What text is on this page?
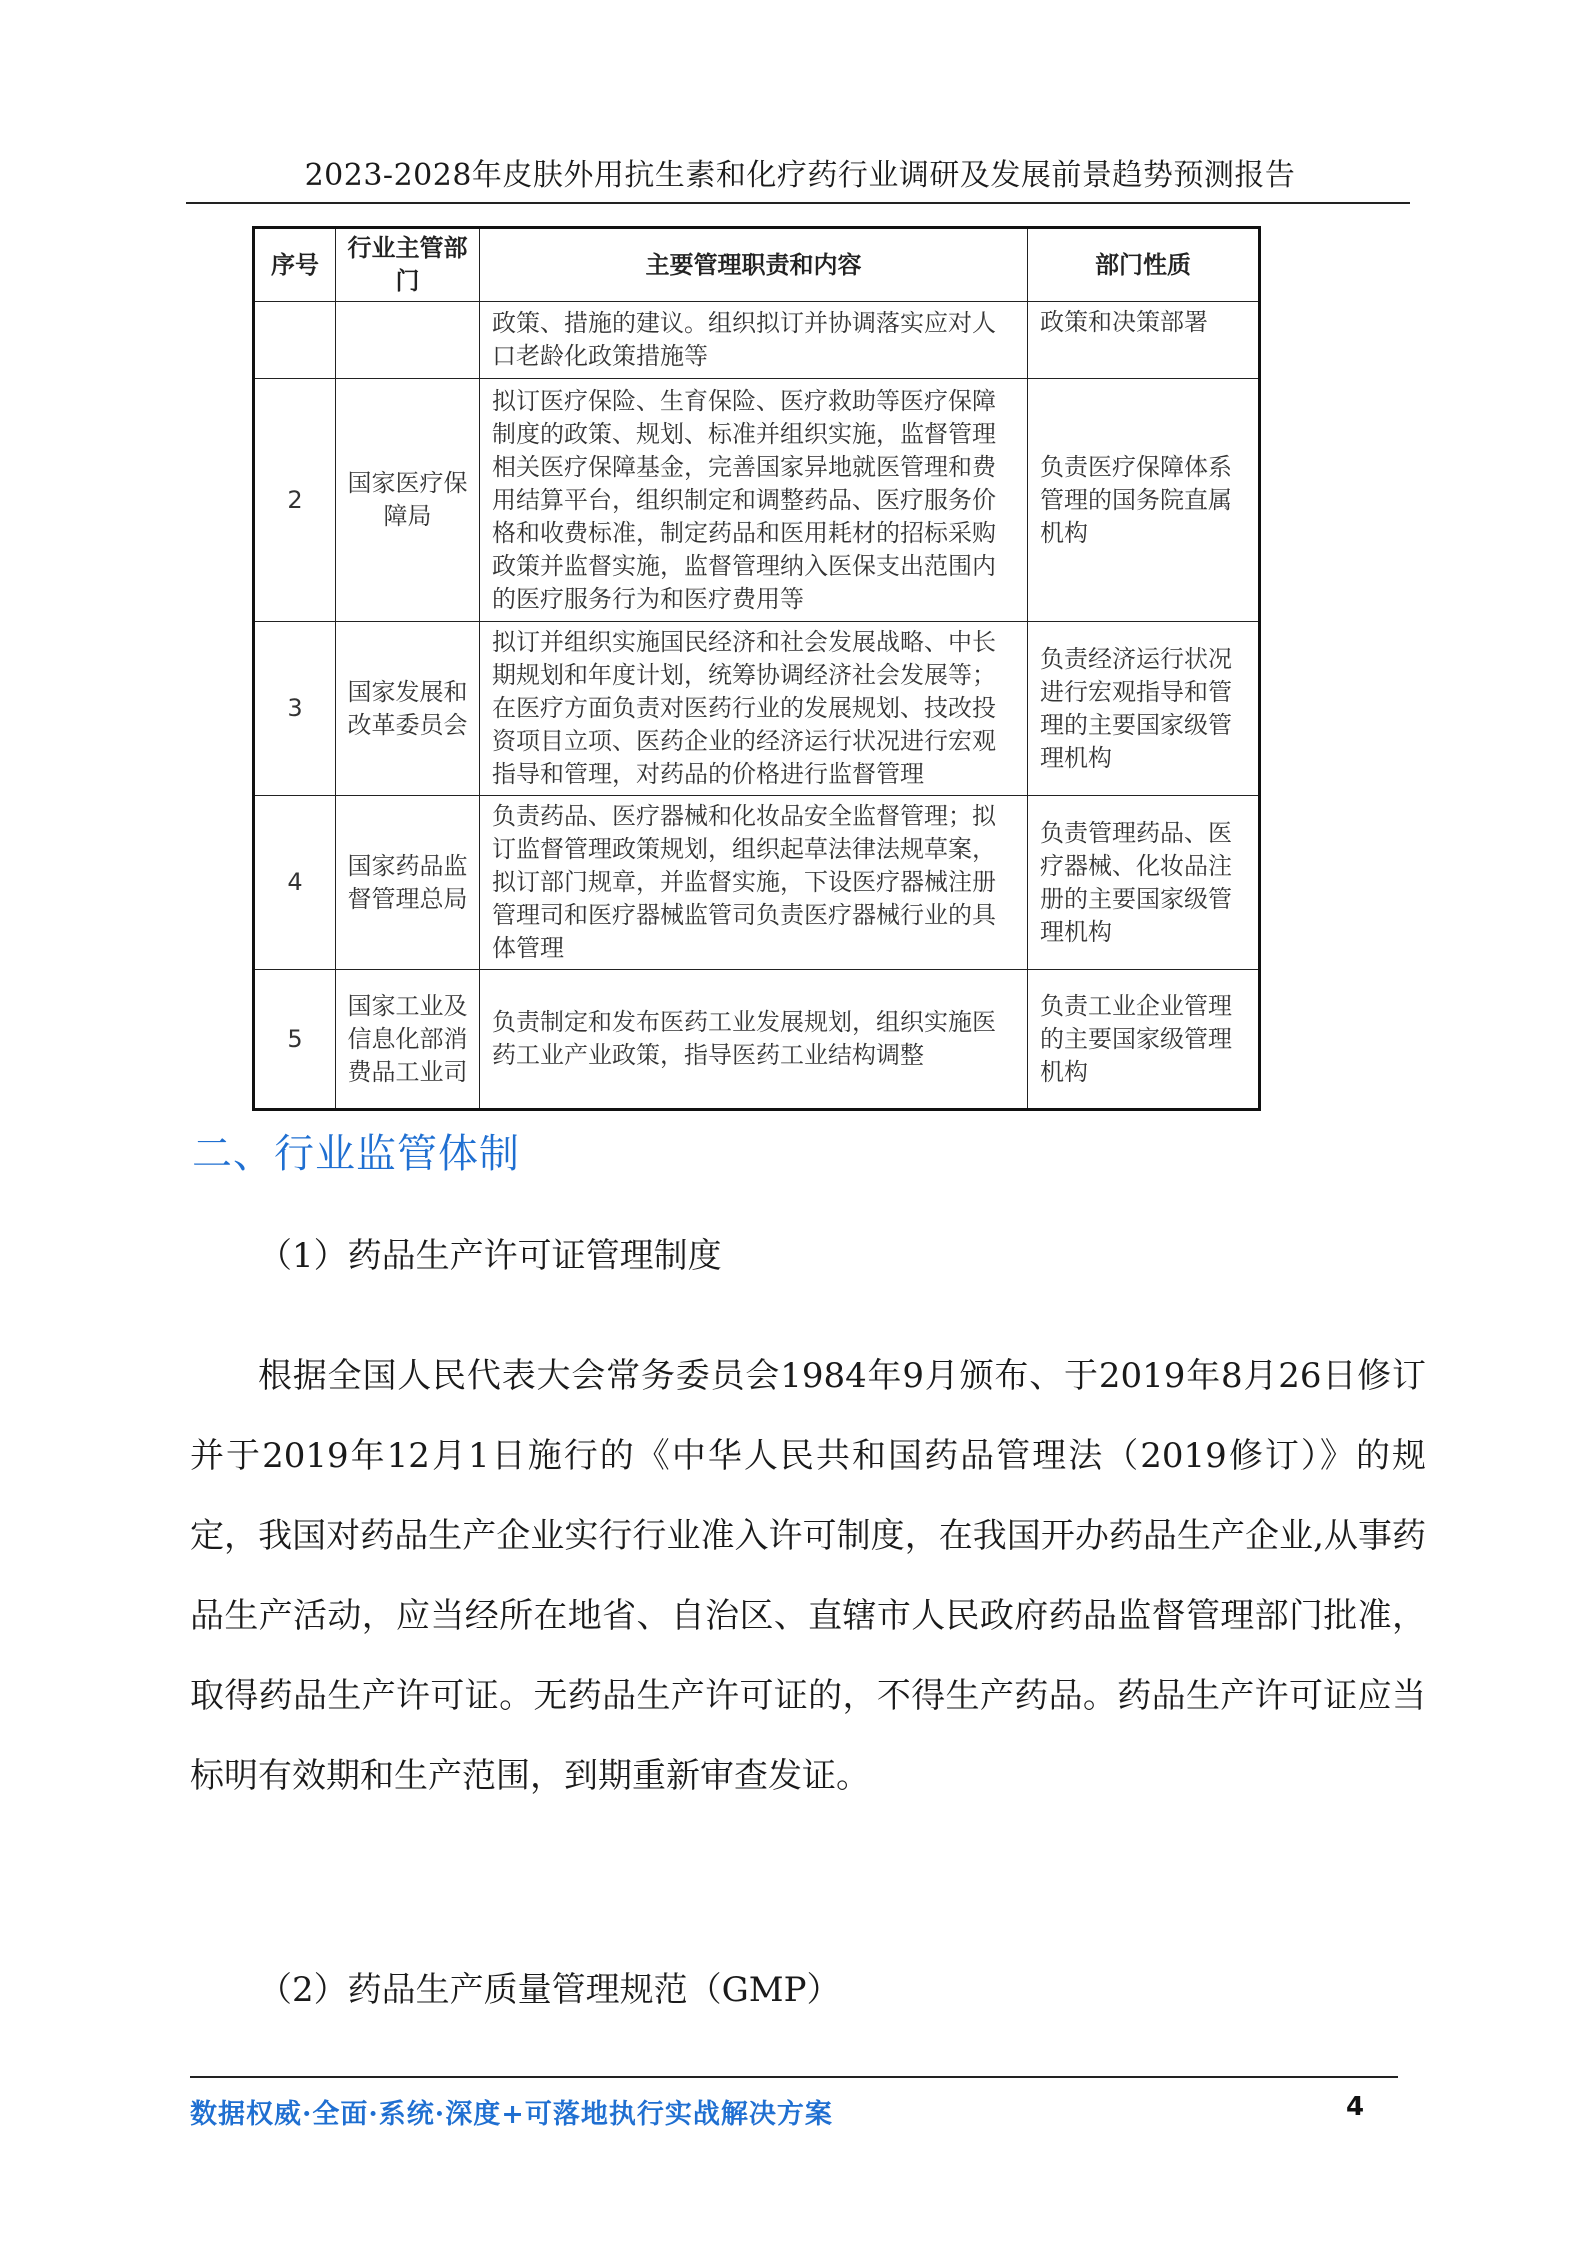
2023-2028年皮肤外用抗生素和化疗药行业调研及发展前景趋势预测报告
序号	行业主管部门	主要管理职责和内容	部门性质
		政策、措施的建议。组织拟订并协调落实应对人口老龄化政策措施等	政策和决策部署
2	国家医疗保障局	拟订医疗保险、生育保险、医疗救助等医疗保障制度的政策、规划、标准并组织实施，监督管理相关医疗保障基金，完善国家异地就医管理和费用结算平台，组织制定和调整药品、医疗服务价格和收费标准，制定药品和医用耗材的招标采购政策并监督实施，监督管理纳入医保支出范围内的医疗服务行为和医疗费用等	负责医疗保障体系管理的国务院直属机构
3	国家发展和改革委员会	拟订并组织实施国民经济和社会发展战略、中长期规划和年度计划，统筹协调经济社会发展等；在医疗方面负责对医药行业的发展规划、技改投资项目立项、医药企业的经济运行状况进行宏观指导和管理，对药品的价格进行监督管理	负责经济运行状况进行宏观指导和管理的主要国家级管理机构
4	国家药品监督管理总局	负责药品、医疗器械和化妆品安全监督管理；拟订监督管理政策规划，组织起草法律法规草案，拟订部门规章，并监督实施，下设医疗器械注册管理司和医疗器械监管司负责医疗器械行业的具体管理	负责管理药品、医疗器械、化妆品注册的主要国家级管理机构
5	国家工业及信息化部消费品工业司	负责制定和发布医药工业发展规划，组织实施医药工业产业政策，指导医药工业结构调整	负责工业企业管理的主要国家级管理机构
二、行业监管体制
（1）药品生产许可证管理制度
根据全国人民代表大会常务委员会1984年9月颁布、于2019年8月26日修订并于2019年12月1日施行的《中华人民共和国药品管理法（2019修订）》的规定，我国对药品生产企业实行行业准入许可制度，在我国开办药品生产企业,从事药品生产活动，应当经所在地省、自治区、直辖市人民政府药品监督管理部门批准，取得药品生产许可证。无药品生产许可证的，不得生产药品。药品生产许可证应当标明有效期和生产范围，到期重新审查发证。
（2）药品生产质量管理规范（GMP）
数据权威·全面·系统·深度+可落地执行实战解决方案	4
